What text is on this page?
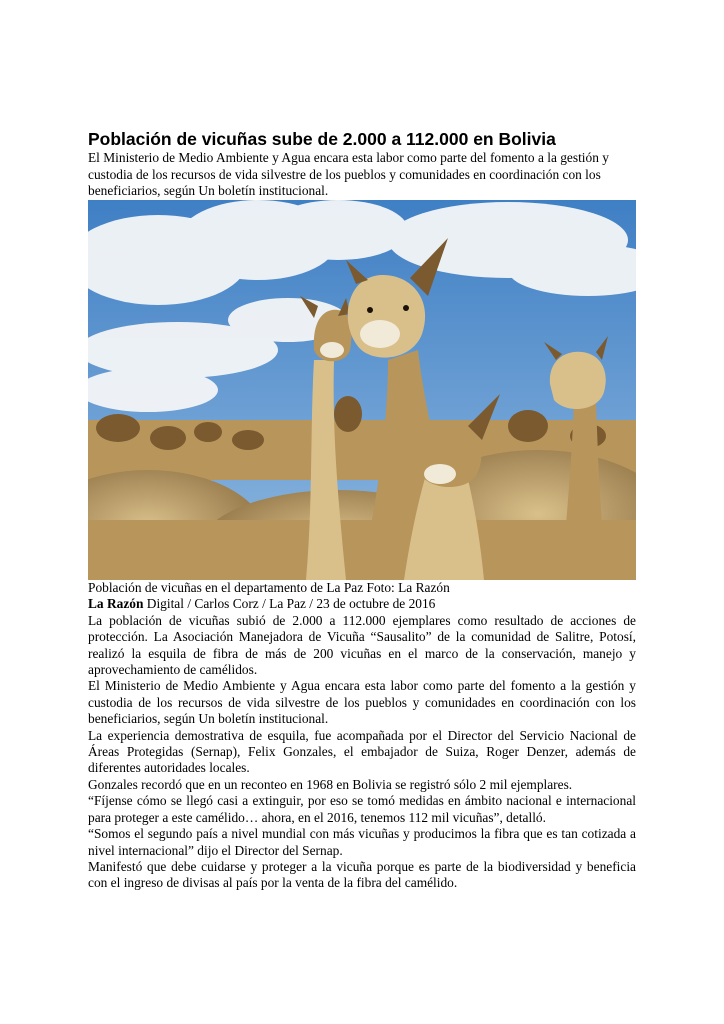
Población de vicuñas sube de 2.000 a 112.000 en Bolivia

El Ministerio de Medio Ambiente y Agua encara esta labor como parte del fomento a la gestión y custodia de los recursos de vida silvestre de los pueblos y comunidades en coordinación con los beneficiarios, según Un boletín institucional.

Población de vicuñas en el departamento de La Paz Foto: La Razón

La Razón Digital / Carlos Corz / La Paz / 23 de octubre de 2016

La población de vicuñas subió de 2.000 a 112.000 ejemplares como resultado de acciones de protección. La Asociación Manejadora de Vicuña “Sausalito” de la comunidad de Salitre, Potosí, realizó la esquila de fibra de más de 200 vicuñas en el marco de la conservación, manejo y aprovechamiento de camélidos.

El Ministerio de Medio Ambiente y Agua encara esta labor como parte del fomento a la gestión y custodia de los recursos de vida silvestre de los pueblos y comunidades en coordinación con los beneficiarios, según Un boletín institucional.

La experiencia demostrativa de esquila, fue acompañada por el Director del Servicio Nacional de Áreas Protegidas (Sernap), Felix Gonzales, el embajador de Suiza, Roger Denzer, además de diferentes autoridades locales.

Gonzales recordó que en un reconteo en 1968 en Bolivia se registró sólo 2 mil ejemplares.

“Fíjense cómo se llegó casi a extinguir, por eso se tomó medidas en ámbito nacional e internacional para proteger a este camélido… ahora, en el 2016, tenemos 112 mil vicuñas”, detalló.

“Somos el segundo país a nivel mundial con más vicuñas y producimos la fibra que es tan cotizada a nivel internacional” dijo el Director del Sernap.

Manifestó que debe cuidarse y proteger a la vicuña porque es parte de la biodiversidad y beneficia con el ingreso de divisas al país por la venta de la fibra del camélido.
